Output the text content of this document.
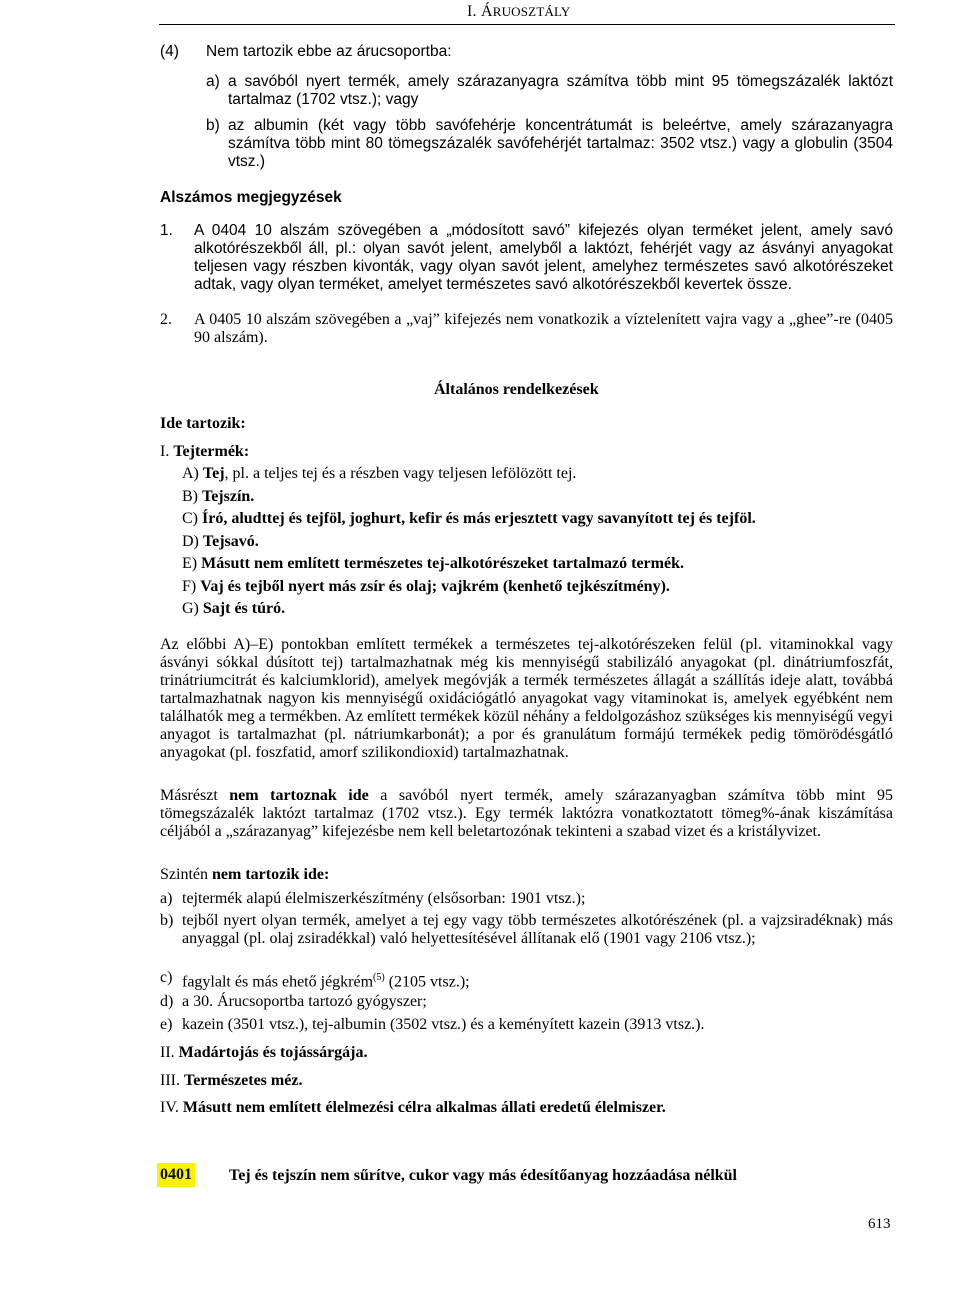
I. ÁRUOSZTÁLY
(4)	Nem tartozik ebbe az árucsoportba:
a) a savóból nyert termék, amely szárazanyagra számítva több mint 95 tömegszázalék laktózt tartalmaz (1702 vtsz.); vagy
b) az albumin (két vagy több savófehérje koncentrátumát is beleértve, amely szárazanyagra számítva több mint 80 tömegszázalék savófehérjét tartalmaz: 3502 vtsz.) vagy a globulin (3504 vtsz.)
Alszámos megjegyzések
1.	A 0404 10 alszám szövegében a „módosított savó” kifejezés olyan terméket jelent, amely savó alkotórészekből áll, pl.: olyan savót jelent, amelyből a laktózt, fehérjét vagy az ásványi anyagokat teljesen vagy részben kivonták, vagy olyan savót jelent, amelyhez természetes savó alkotórészeket adtak, vagy olyan terméket, amelyet természetes savó alkotórészekből kevertek össze.
2.	A 0405 10 alszám szövegében a „vaj” kifejezés nem vonatkozik a víztelenített vajra vagy a „ghee”-re (0405 90 alszám).
Általános rendelkezések
Ide tartozik:
I. Tejtermék:
A) Tej, pl. a teljes tej és a részben vagy teljesen lefölözött tej.
B) Tejszín.
C) Író, aludttej és tejföl, joghurt, kefir és más erjesztett vagy savanyított tej és tejföl.
D) Tejsavó.
E) Másutt nem említett természetes tej-alkotórészeket tartalmazó termék.
F) Vaj és tejből nyert más zsír és olaj; vajkrém (kenhető tejkészítmény).
G) Sajt és túró.
Az előbbi A)–E) pontokban említett termékek a természetes tej-alkotórészeken felül (pl. vitaminokkal vagy ásványi sókkal dúsított tej) tartalmazhatnak még kis mennyiségű stabilizáló anyagokat (pl. dinátriumfoszfát, trinátriumcitrát és kalciumklorid), amelyek megóvják a termék természetes állagát a szállítás ideje alatt, továbbá tartalmazhatnak nagyon kis mennyiségű oxidációgátló anyagokat vagy vitaminokat is, amelyek egyébként nem találhatók meg a termékben. Az említett termékek közül néhány a feldolgozáshoz szükséges kis mennyiségű vegyi anyagot is tartalmazhat (pl. nátriumkarbonát); a por és granulátum formájú termékek pedig tömörödésgátló anyagokat (pl. foszfatid, amorf szilikondioxid) tartalmazhatnak.
Másrészt nem tartoznak ide a savóból nyert termék, amely szárazanyagban számítva több mint 95 tömegszázalék laktózt tartalmaz (1702 vtsz.). Egy termék laktózra vonatkoztatott tömeg%-ának kiszámítása céljából a „szárazanyag” kifejezésbe nem kell beletartozónak tekinteni a szabad vizet és a kristályvizet.
Szintén nem tartozik ide:
a) tejtermék alapú élelmiszerkészítmény (elsősorban: 1901 vtsz.);
b) tejből nyert olyan termék, amelyet a tej egy vagy több természetes alkotórészének (pl. a vajzsiradéknak) más anyaggal (pl. olaj zsiradékkal) való helyettesítésével állítanak elő (1901 vagy 2106 vtsz.);
c) fagylalt és más ehető jégkrém$^{(5)}$ (2105 vtsz.);
d) a 30. Árucsoportba tartozó gyógyszer;
e) kazein (3501 vtsz.), tej-albumin (3502 vtsz.) és a keményített kazein (3913 vtsz.).
II. Madártojás és tojássárgája.
III. Természetes méz.
IV. Másutt nem említett élelmezési célra alkalmas állati eredetű élelmiszer.
0401 Tej és tejszín nem sűrítve, cukor vagy más édesítőanyag hozzáadása nélkül
613
